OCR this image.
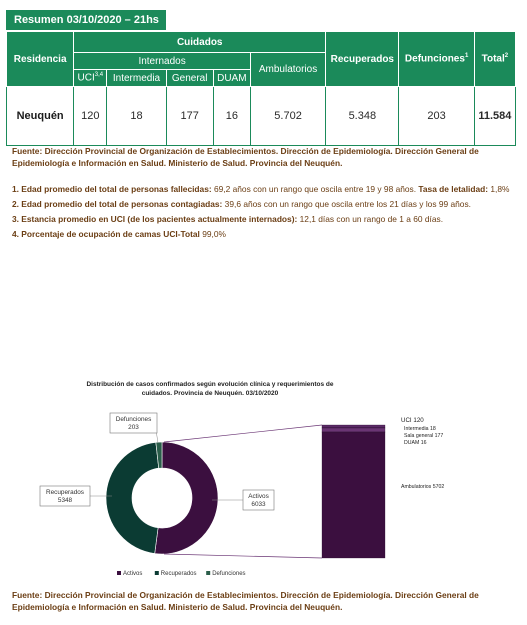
Resumen 03/10/2020 – 21hs
Residencia	Cuidados					Recuperados	Defunciones$^1$	Total$^2$
	Internados				Ambulatorios			
	UCI$^{3,4}$	Intermedia	General	DUAM				
Neuquén	120	18	177	16	5.702	5.348	203	11.584
Fuente: Dirección Provincial de Organización de Establecimientos. Dirección de Epidemiología. Dirección General de Epidemiología e Información en Salud. Ministerio de Salud. Provincia del Neuquén.

1. Edad promedio del total de personas fallecidas: 69,2 años con un rango que oscila entre 19 y 98 años. Tasa de letalidad: 1,8%

2. Edad promedio del total de personas contagiadas: 39,6 años con un rango que oscila entre los 21 días y los 99 años.

3. Estancia promedio en UCI (de los pacientes actualmente internados): 12,1 días con un rango de 1 a 60 días.

4. Porcentaje de ocupación de camas UCI-Total 99,0%

Distribución de casos confirmados según evolución clínica y requerimientos de
cuidados. Provincia de Neuquén. 03/10/2020
UCI 120
Intermedia 18
Sala general 177
DUAM 16
Ambulatorios 5702
Defunciones
203
Recuperados
5348
Activos
6033
Activos	Recuperados	Defunciones
Fuente: Dirección Provincial de Organización de Establecimientos. Dirección de Epidemiología. Dirección General de Epidemiología e Información en Salud. Ministerio de Salud. Provincia del Neuquén.
